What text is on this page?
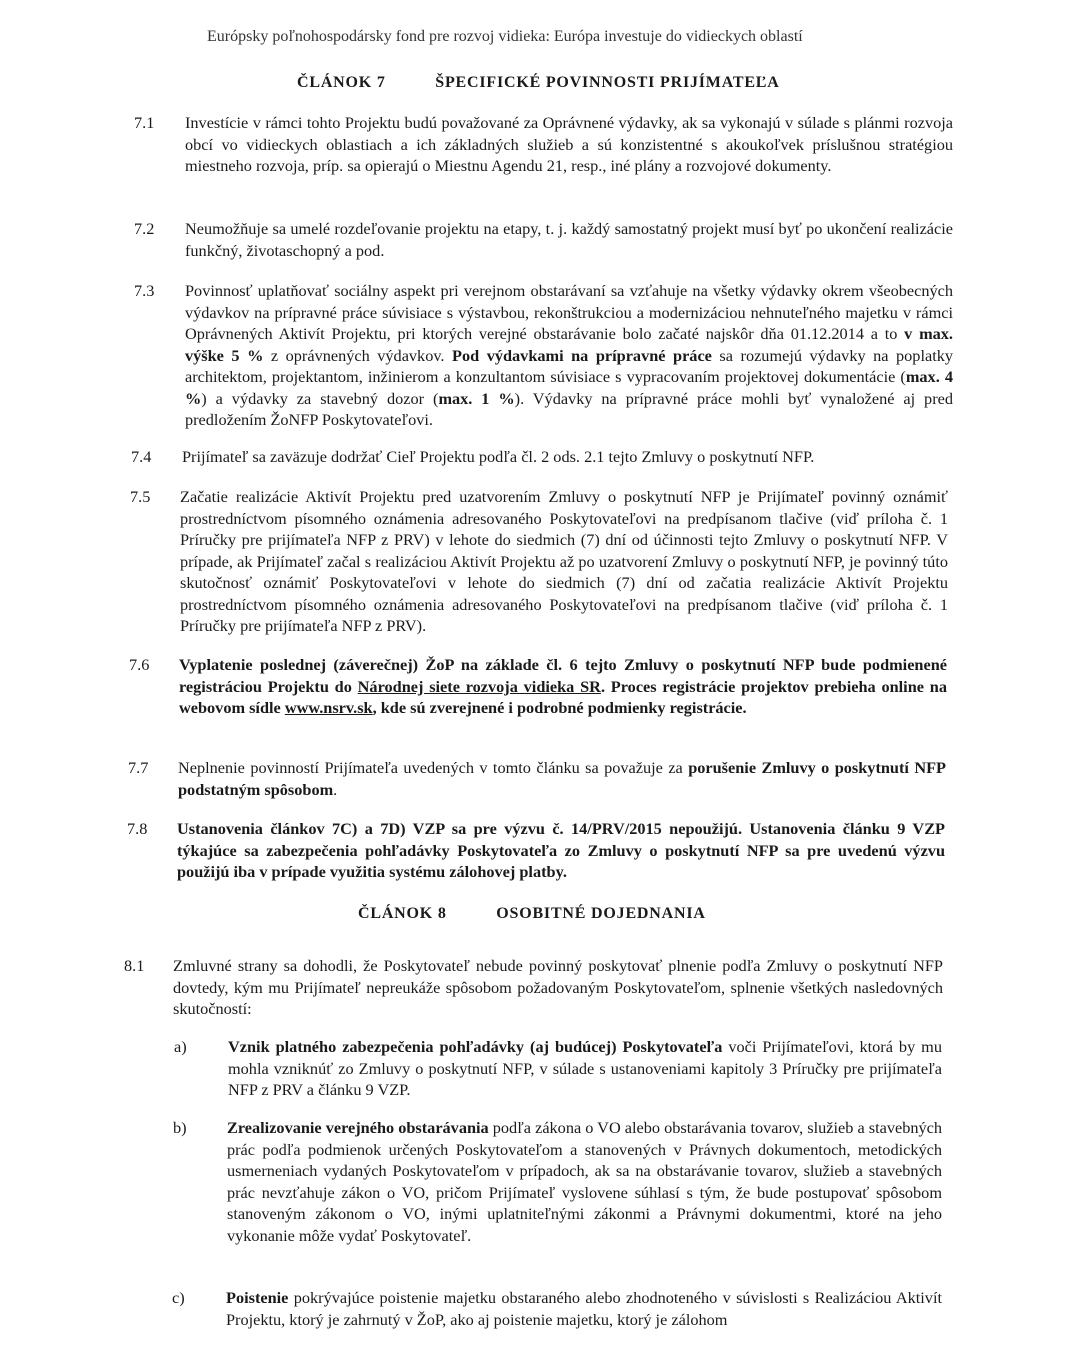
Európsky poľnohospodársky fond pre rozvoj vidieka: Európa investuje do vidieckych oblastí
ČLÁNOK 7	ŠPECIFICKÉ POVINNOSTI PRIJÍMATEĽA
7.1 Investície v rámci tohto Projektu budú považované za Oprávnené výdavky, ak sa vykonajú v súlade s plánmi rozvoja obcí vo vidieckych oblastiach a ich základných služieb a sú konzistentné s akoukoľvek príslušnou stratégiou miestneho rozvoja, príp. sa opierajú o Miestnu Agendu 21, resp., iné plány a rozvojové dokumenty.
7.2 Neumožňuje sa umelé rozdeľovanie projektu na etapy, t. j. každý samostatný projekt musí byť po ukončení realizácie funkčný, životaschopný a pod.
7.3 Povinnosť uplatňovať sociálny aspekt pri verejnom obstarávaní sa vzťahuje na všetky výdavky okrem všeobecných výdavkov na prípravné práce súvisiace s výstavbou, rekonštrukciou a modernizáciou nehnuteľného majetku v rámci Oprávnených Aktivít Projektu, pri ktorých verejné obstarávanie bolo začaté najskôr dňa 01.12.2014 a to v max. výške 5 % z oprávnených výdavkov. Pod výdavkami na prípravné práce sa rozumejú výdavky na poplatky architektom, projektantom, inžinierom a konzultantom súvisiace s vypracovaním projektovej dokumentácie (max. 4 %) a výdavky za stavebný dozor (max. 1 %). Výdavky na prípravné práce mohli byť vynaložené aj pred predložením ŽoNFP Poskytovateľovi.
7.4 Prijímateľ sa zaväzuje dodržať Cieľ Projektu podľa čl. 2 ods. 2.1 tejto Zmluvy o poskytnutí NFP.
7.5 Začatie realizácie Aktivít Projektu pred uzatvorením Zmluvy o poskytnutí NFP je Prijímateľ povinný oznámiť prostredníctvom písomného oznámenia adresovaného Poskytovateľovi na predpísanom tlačive (viď príloha č. 1 Príručky pre prijímateľa NFP z PRV) v lehote do siedmich (7) dní od účinnosti tejto Zmluvy o poskytnutí NFP. V prípade, ak Prijímateľ začal s realizáciou Aktivít Projektu až po uzatvorení Zmluvy o poskytnutí NFP, je povinný túto skutočnosť oznámiť Poskytovateľovi v lehote do siedmich (7) dní od začatia realizácie Aktivít Projektu prostredníctvom písomného oznámenia adresovaného Poskytovateľovi na predpísanom tlačive (viď príloha č. 1 Príručky pre prijímateľa NFP z PRV).
7.6 Vyplatenie poslednej (záverečnej) ŽoP na základe čl. 6 tejto Zmluvy o poskytnutí NFP bude podmienené registráciou Projektu do Národnej siete rozvoja vidieka SR. Proces registrácie projektov prebieha online na webovom sídle www.nsrv.sk, kde sú zverejnené i podrobné podmienky registrácie.
7.7 Neplnenie povinností Prijímateľa uvedených v tomto článku sa považuje za porušenie Zmluvy o poskytnutí NFP podstatným spôsobom.
7.8 Ustanovenia článkov 7C) a 7D) VZP sa pre výzvu č. 14/PRV/2015 nepoužijú. Ustanovenia článku 9 VZP týkajúce sa zabezpečenia pohľadávky Poskytovateľa zo Zmluvy o poskytnutí NFP sa pre uvedenú výzvu použijú iba v prípade využitia systému zálohovej platby.
ČLÁNOK 8	OSOBITNÉ DOJEDNANIA
8.1 Zmluvné strany sa dohodli, že Poskytovateľ nebude povinný poskytovať plnenie podľa Zmluvy o poskytnutí NFP dovtedy, kým mu Prijímateľ nepreukáže spôsobom požadovaným Poskytovateľom, splnenie všetkých nasledovných skutočností:
a)	Vznik platného zabezpečenia pohľadávky (aj budúcej) Poskytovateľa voči Prijímateľovi, ktorá by mu mohla vzniknúť zo Zmluvy o poskytnutí NFP, v súlade s ustanoveniami kapitoly 3 Príručky pre prijímateľa NFP z PRV a článku 9 VZP.
b) Zrealizovanie verejného obstarávania podľa zákona o VO alebo obstarávania tovarov, služieb a stavebných prác podľa podmienok určených Poskytovateľom a stanovených v Právnych dokumentoch, metodických usmerneniach vydaných Poskytovateľom v prípadoch, ak sa na obstarávanie tovarov, služieb a stavebných prác nevzťahuje zákon o VO, pričom Prijímateľ vyslovene súhlasí s tým, že bude postupovať spôsobom stanoveným zákonom o VO, inými uplatniteľnými zákonmi a Právnymi dokumentmi, ktoré na jeho vykonanie môže vydať Poskytovateľ.
c)	Poistenie pokrývajúce poistenie majetku obstaraného alebo zhodnoteného v súvislosti s Realizáciou Aktivít Projektu, ktorý je zahrnutý v ŽoP, ako aj poistenie majetku, ktorý je zálohom
